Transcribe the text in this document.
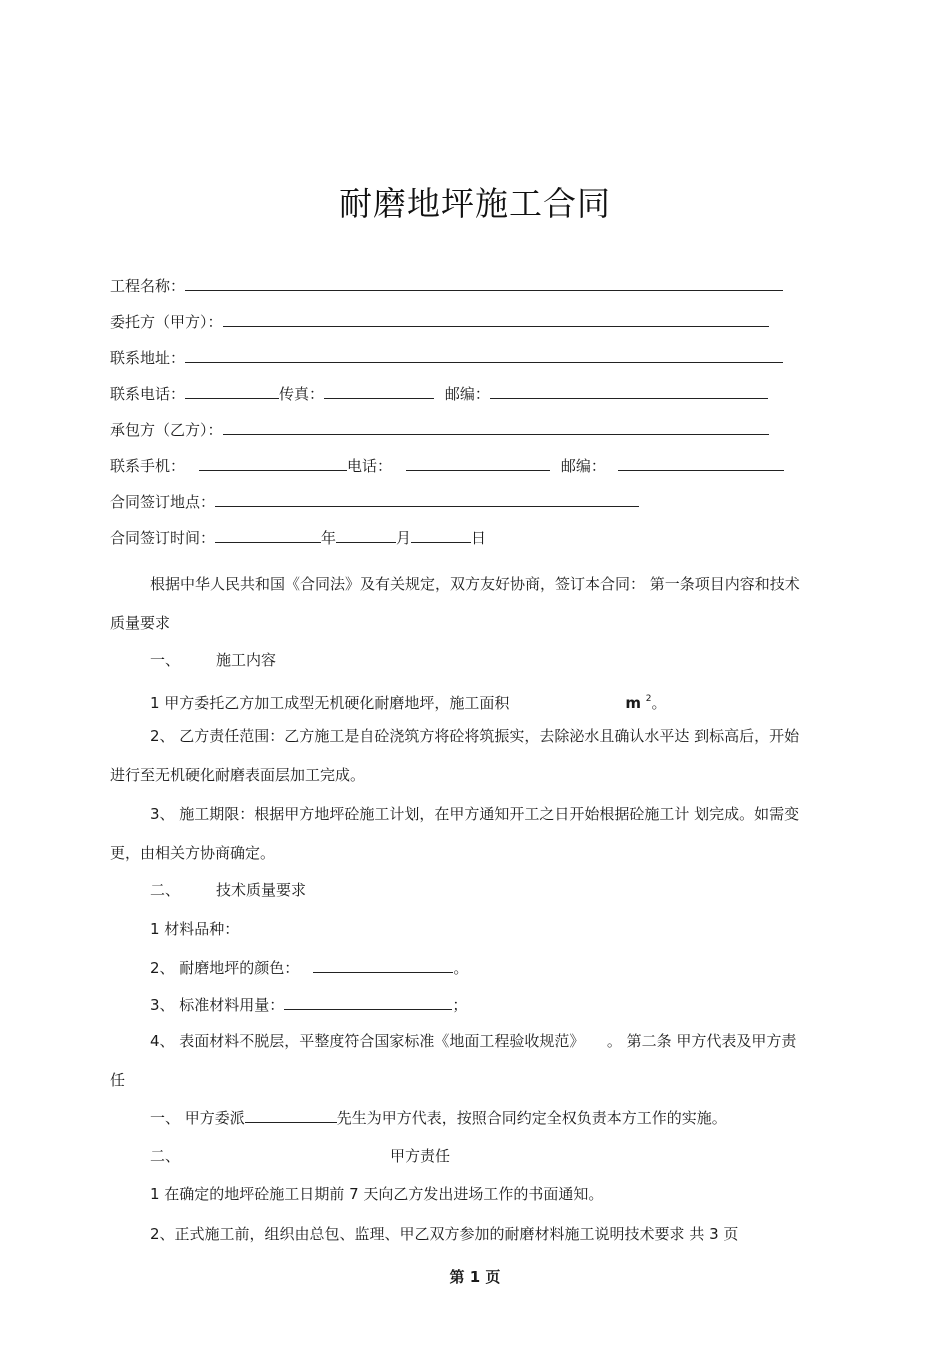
耐磨地坪施工合同
工程名称：
委托方（甲方）：
联系地址：
联系电话：	传真：	邮编：
承包方（乙方）：
联系手机：	电话：	邮编：
合同签订地点：
合同签订时间：	年	月	日
根据中华人民共和国《合同法》及有关规定，双方友好协商，签订本合同： 第一条项目内容和技术质量要求
一、 施工内容
1 甲方委托乙方加工成型无机硬化耐磨地坪，施工面积	m $^2$。
2、 乙方责任范围：乙方施工是自砼浇筑方将砼将筑振实，去除泌水且确认水平达 到标高后，开始进行至无机硬化耐磨表面层加工完成。
3、 施工期限：根据甲方地坪砼施工计划，在甲方通知开工之日开始根据砼施工计 划完成。如需变更，由相关方协商确定。
二、 技术质量要求
1 材料品种：
2、 耐磨地坪的颜色：	。
3、 标准材料用量：	；
4、 表面材料不脱层，平整度符合国家标准《地面工程验收规范》　　。 第二条 甲方代表及甲方责任
一、 甲方委派	先生为甲方代表，按照合同约定全权负责本方工作的实施。
二、	甲方责任
1 在确定的地坪砼施工日期前 7 天向乙方发出进场工作的书面通知。
2、正式施工前，组织由总包、监理、甲乙双方参加的耐磨材料施工说明技术要求 共 3 页
第 1 页
